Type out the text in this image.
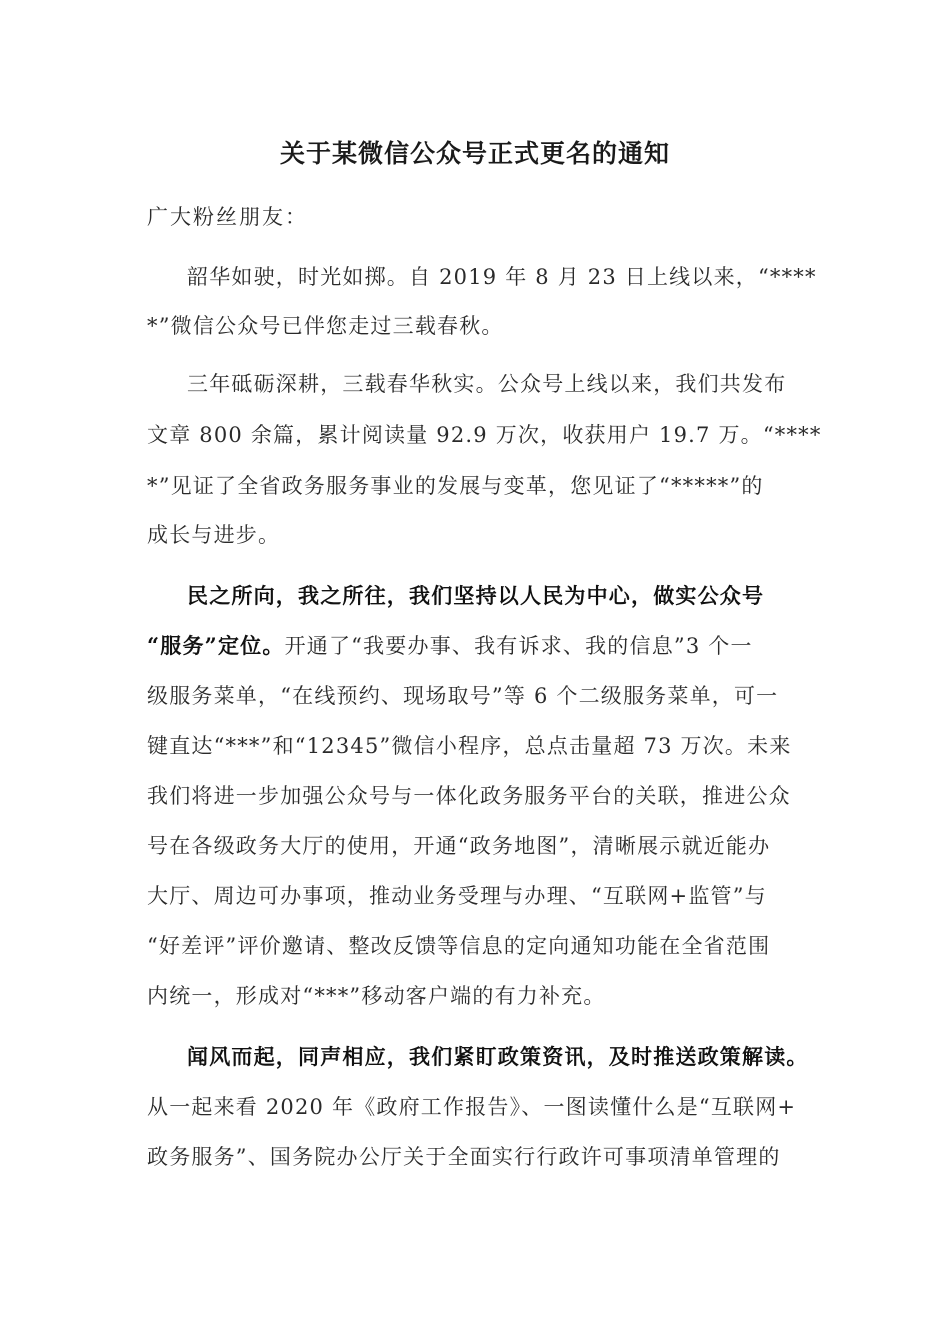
关于某微信公众号正式更名的通知
广大粉丝朋友：
韶华如驶，时光如掷。自 2019 年 8 月 23 日上线以来，“****
*”微信公众号已伴您走过三载春秋。
三年砥砺深耕，三载春华秋实。公众号上线以来，我们共发布
文章 800 余篇，累计阅读量 92.9 万次，收获用户 19.7 万。“****
*”见证了全省政务服务事业的发展与变革，您见证了“*****”的
成长与进步。
民之所向，我之所往，我们坚持以人民为中心，做实公众号
“服务”定位。开通了“我要办事、我有诉求、我的信息”3 个一
级服务菜单，“在线预约、现场取号”等 6 个二级服务菜单，可一
键直达“***”和“12345”微信小程序，总点击量超 73 万次。未来
我们将进一步加强公众号与一体化政务服务平台的关联，推进公众
号在各级政务大厅的使用，开通“政务地图”，清晰展示就近能办
大厅、周边可办事项，推动业务受理与办理、“互联网+监管”与
“好差评”评价邀请、整改反馈等信息的定向通知功能在全省范围
内统一，形成对“***”移动客户端的有力补充。
闻风而起，同声相应，我们紧盯政策资讯，及时推送政策解读。
从一起来看 2020 年《政府工作报告》、一图读懂什么是“互联网+
政务服务”、国务院办公厅关于全面实行行政许可事项清单管理的
